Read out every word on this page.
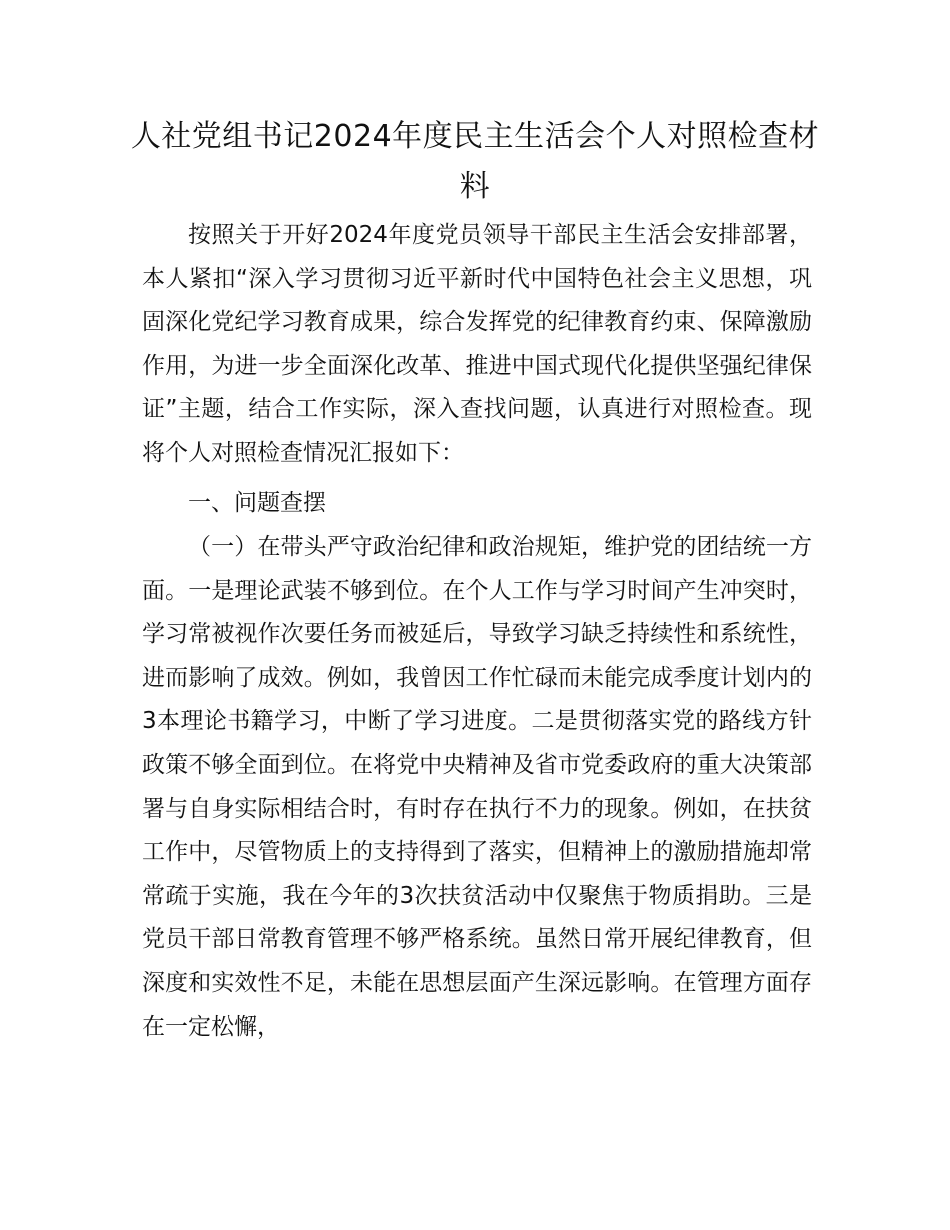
人社党组书记2024年度民主生活会个人对照检查材料

按照关于开好2024年度党员领导干部民主生活会安排部署，本人紧扣“深入学习贯彻习近平新时代中国特色社会主义思想，巩固深化党纪学习教育成果，综合发挥党的纪律教育约束、保障激励作用，为进一步全面深化改革、推进中国式现代化提供坚强纪律保证”主题，结合工作实际，深入查找问题，认真进行对照检查。现将个人对照检查情况汇报如下：

一、问题查摆

（一）在带头严守政治纪律和政治规矩，维护党的团结统一方面。一是理论武装不够到位。在个人工作与学习时间产生冲突时，学习常被视作次要任务而被延后，导致学习缺乏持续性和系统性，进而影响了成效。例如，我曾因工作忙碌而未能完成季度计划内的3本理论书籍学习，中断了学习进度。二是贯彻落实党的路线方针政策不够全面到位。在将党中央精神及省市党委政府的重大决策部署与自身实际相结合时，有时存在执行不力的现象。例如，在扶贫工作中，尽管物质上的支持得到了落实，但精神上的激励措施却常常疏于实施，我在今年的3次扶贫活动中仅聚焦于物质捐助。三是党员干部日常教育管理不够严格系统。虽然日常开展纪律教育，但深度和实效性不足，未能在思想层面产生深远影响。在管理方面存在一定松懈，
